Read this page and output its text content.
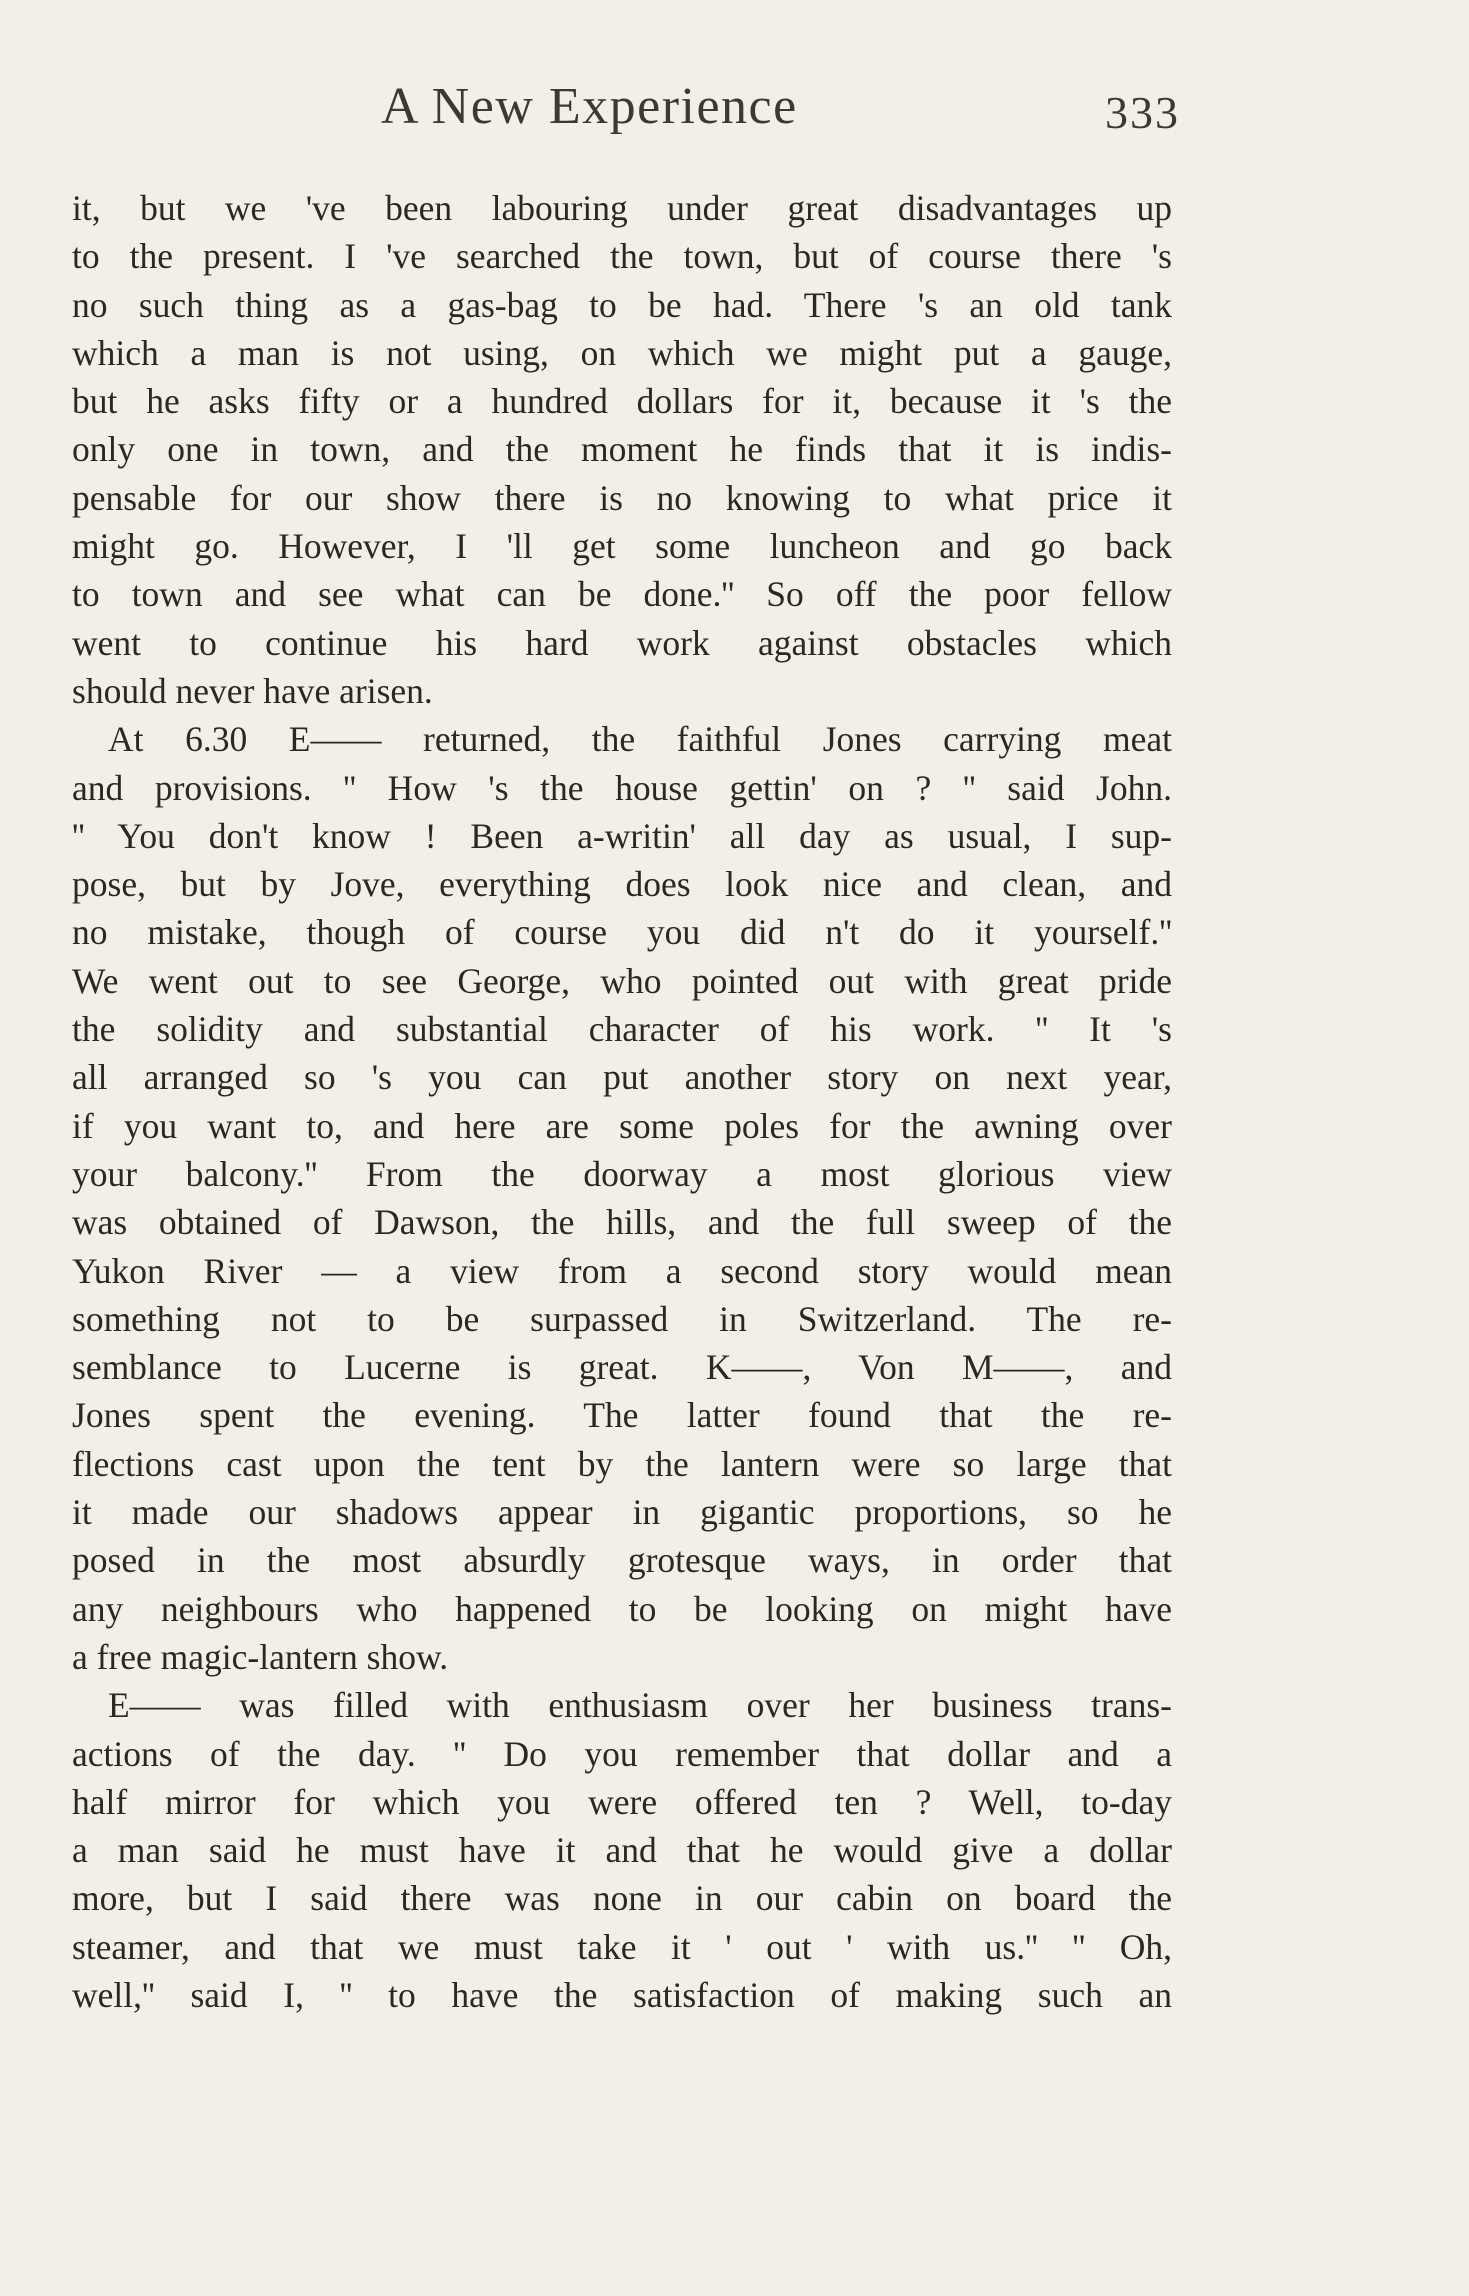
A New Experience	333
it, but we 've been labouring under great disadvantages up
to the present. I 've searched the town, but of course there 's
no such thing as a gas-bag to be had. There 's an old tank
which a man is not using, on which we might put a gauge,
but he asks fifty or a hundred dollars for it, because it 's the
only one in town, and the moment he finds that it is indis-
pensable for our show there is no knowing to what price it
might go. However, I 'll get some luncheon and go back
to town and see what can be done.'' So off the poor fellow
went to continue his hard work against obstacles which
should never have arisen.
At 6.30 E—— returned, the faithful Jones carrying meat
and provisions. '' How 's the house gettin' on ? '' said John.
'' You don't know ! Been a-writin' all day as usual, I sup-
pose, but by Jove, everything does look nice and clean, and
no mistake, though of course you did n't do it yourself.''
We went out to see George, who pointed out with great pride
the solidity and substantial character of his work. '' It 's
all arranged so 's you can put another story on next year,
if you want to, and here are some poles for the awning over
your balcony.'' From the doorway a most glorious view
was obtained of Dawson, the hills, and the full sweep of the
Yukon River — a view from a second story would mean
something not to be surpassed in Switzerland. The re-
semblance to Lucerne is great. K——, Von M——, and
Jones spent the evening. The latter found that the re-
flections cast upon the tent by the lantern were so large that
it made our shadows appear in gigantic proportions, so he
posed in the most absurdly grotesque ways, in order that
any neighbours who happened to be looking on might have
a free magic-lantern show.
E—— was filled with enthusiasm over her business trans-
actions of the day. '' Do you remember that dollar and a
half mirror for which you were offered ten ? Well, to-day
a man said he must have it and that he would give a dollar
more, but I said there was none in our cabin on board the
steamer, and that we must take it ' out ' with us.'' '' Oh,
well,'' said I, '' to have the satisfaction of making such an
